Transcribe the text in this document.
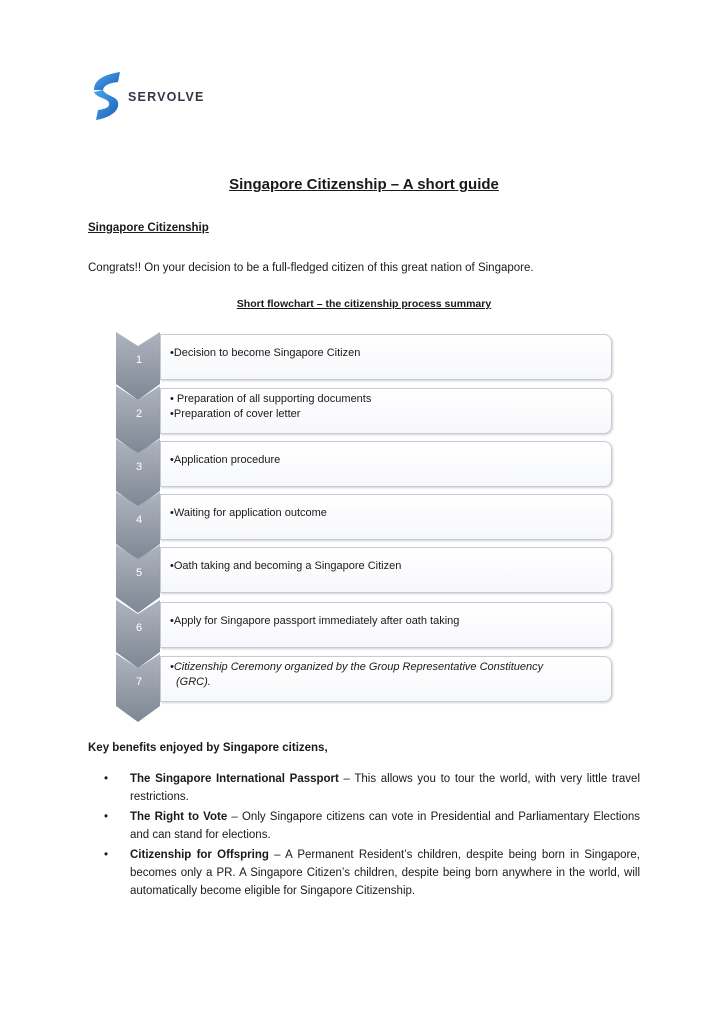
SERVOLVE
Singapore Citizenship – A short guide
Singapore Citizenship
Congrats!! On your decision to be a full-fledged citizen of this great nation of Singapore.
Short flowchart – the citizenship process summary
1
•Decision to become Singapore Citizen
2
• Preparation of all supporting documents
•Preparation of cover letter
3
•Application procedure
4
•Waiting for application outcome
5
•Oath taking and becoming a Singapore Citizen
6
•Apply for Singapore passport immediately after oath taking
7
•Citizenship Ceremony organized by the Group Representative Constituency
(GRC).
Key benefits enjoyed by Singapore citizens,
• The Singapore International Passport – This allows you to tour the world, with very little travel restrictions.
• The Right to Vote – Only Singapore citizens can vote in Presidential and Parliamentary Elections and can stand for elections.
• Citizenship for Offspring – A Permanent Resident’s children, despite being born in Singapore, becomes only a PR. A Singapore Citizen’s children, despite being born anywhere in the world, will automatically become eligible for Singapore Citizenship.
